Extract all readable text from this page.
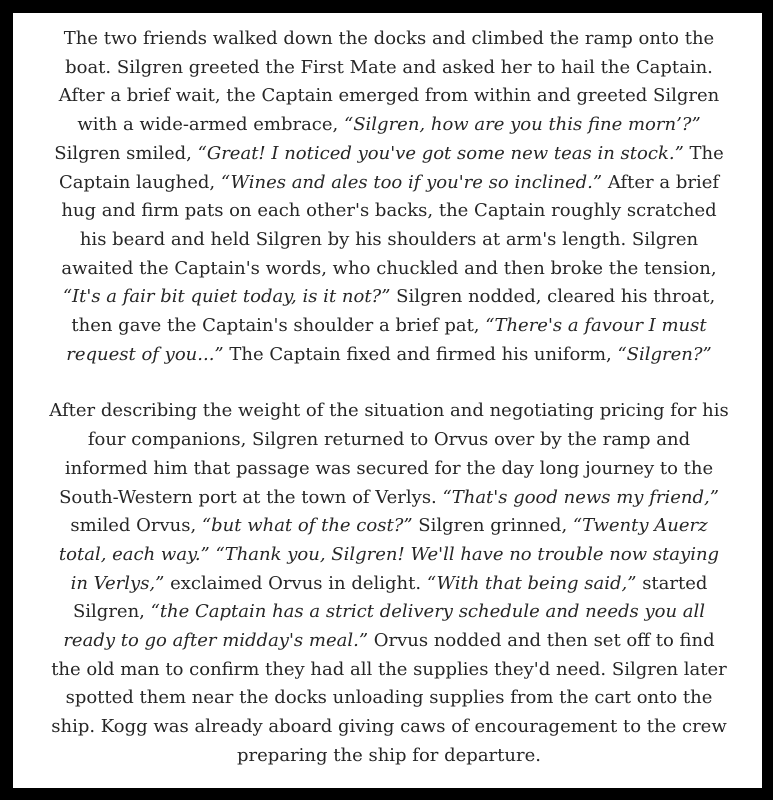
The two friends walked down the docks and climbed the ramp onto the boat. Silgren greeted the First Mate and asked her to hail the Captain. After a brief wait, the Captain emerged from within and greeted Silgren with a wide-armed embrace, “Silgren, how are you this fine morn’?” Silgren smiled, “Great! I noticed you've got some new teas in stock.” The Captain laughed, “Wines and ales too if you're so inclined.” After a brief hug and firm pats on each other's backs, the Captain roughly scratched his beard and held Silgren by his shoulders at arm's length. Silgren awaited the Captain's words, who chuckled and then broke the tension, “It's a fair bit quiet today, is it not?” Silgren nodded, cleared his throat, then gave the Captain's shoulder a brief pat, “There's a favour I must request of you...” The Captain fixed and firmed his uniform, “Silgren?”

After describing the weight of the situation and negotiating pricing for his four companions, Silgren returned to Orvus over by the ramp and informed him that passage was secured for the day long journey to the South-Western port at the town of Verlys. “That's good news my friend,” smiled Orvus, “but what of the cost?” Silgren grinned, “Twenty Auerz total, each way.” “Thank you, Silgren! We'll have no trouble now staying in Verlys,” exclaimed Orvus in delight. “With that being said,” started Silgren, “the Captain has a strict delivery schedule and needs you all ready to go after midday's meal.” Orvus nodded and then set off to find the old man to confirm they had all the supplies they'd need. Silgren later spotted them near the docks unloading supplies from the cart onto the ship. Kogg was already aboard giving caws of encouragement to the crew preparing the ship for departure.
